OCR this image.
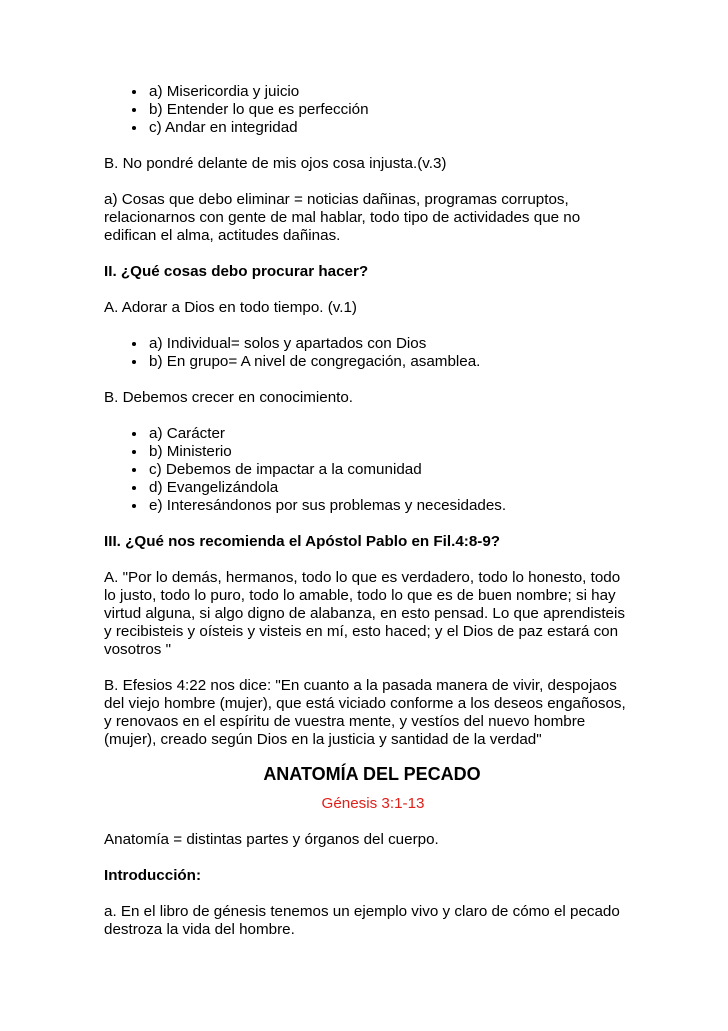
• a) Misericordia y juicio
• b) Entender lo que es perfección
• c) Andar en integridad

B. No pondré delante de mis ojos cosa injusta.(v.3)

a) Cosas que debo eliminar = noticias dañinas, programas corruptos, relacionarnos con gente de mal hablar, todo tipo de actividades que no edifican el alma, actitudes dañinas.

II. ¿Qué cosas debo procurar hacer?

A. Adorar a Dios en todo tiempo. (v.1)

• a) Individual= solos y apartados con Dios
• b) En grupo= A nivel de congregación, asamblea.

B. Debemos crecer en conocimiento.

• a) Carácter
• b) Ministerio
• c) Debemos de impactar a la comunidad
• d) Evangelizándola
• e) Interesándonos por sus problemas y necesidades.

III. ¿Qué nos recomienda el Apóstol Pablo en Fil.4:8-9?

A. "Por lo demás, hermanos, todo lo que es verdadero, todo lo honesto, todo lo justo, todo lo puro, todo lo amable, todo lo que es de buen nombre; si hay virtud alguna, si algo digno de alabanza, en esto pensad. Lo que aprendisteis y recibisteis y oísteis y visteis en mí, esto haced; y el Dios de paz estará con vosotros "

B. Efesios 4:22 nos dice: "En cuanto a la pasada manera de vivir, despojaos del viejo hombre (mujer), que está viciado conforme a los deseos engañosos, y renovaos en el espíritu de vuestra mente, y vestíos del nuevo hombre (mujer), creado según Dios en la justicia y santidad de la verdad"

ANATOMÍA DEL PECADO

Génesis 3:1-13

Anatomía = distintas partes y órganos del cuerpo.

Introducción:

a. En el libro de génesis tenemos un ejemplo vivo y claro de cómo el pecado destroza la vida del hombre.
